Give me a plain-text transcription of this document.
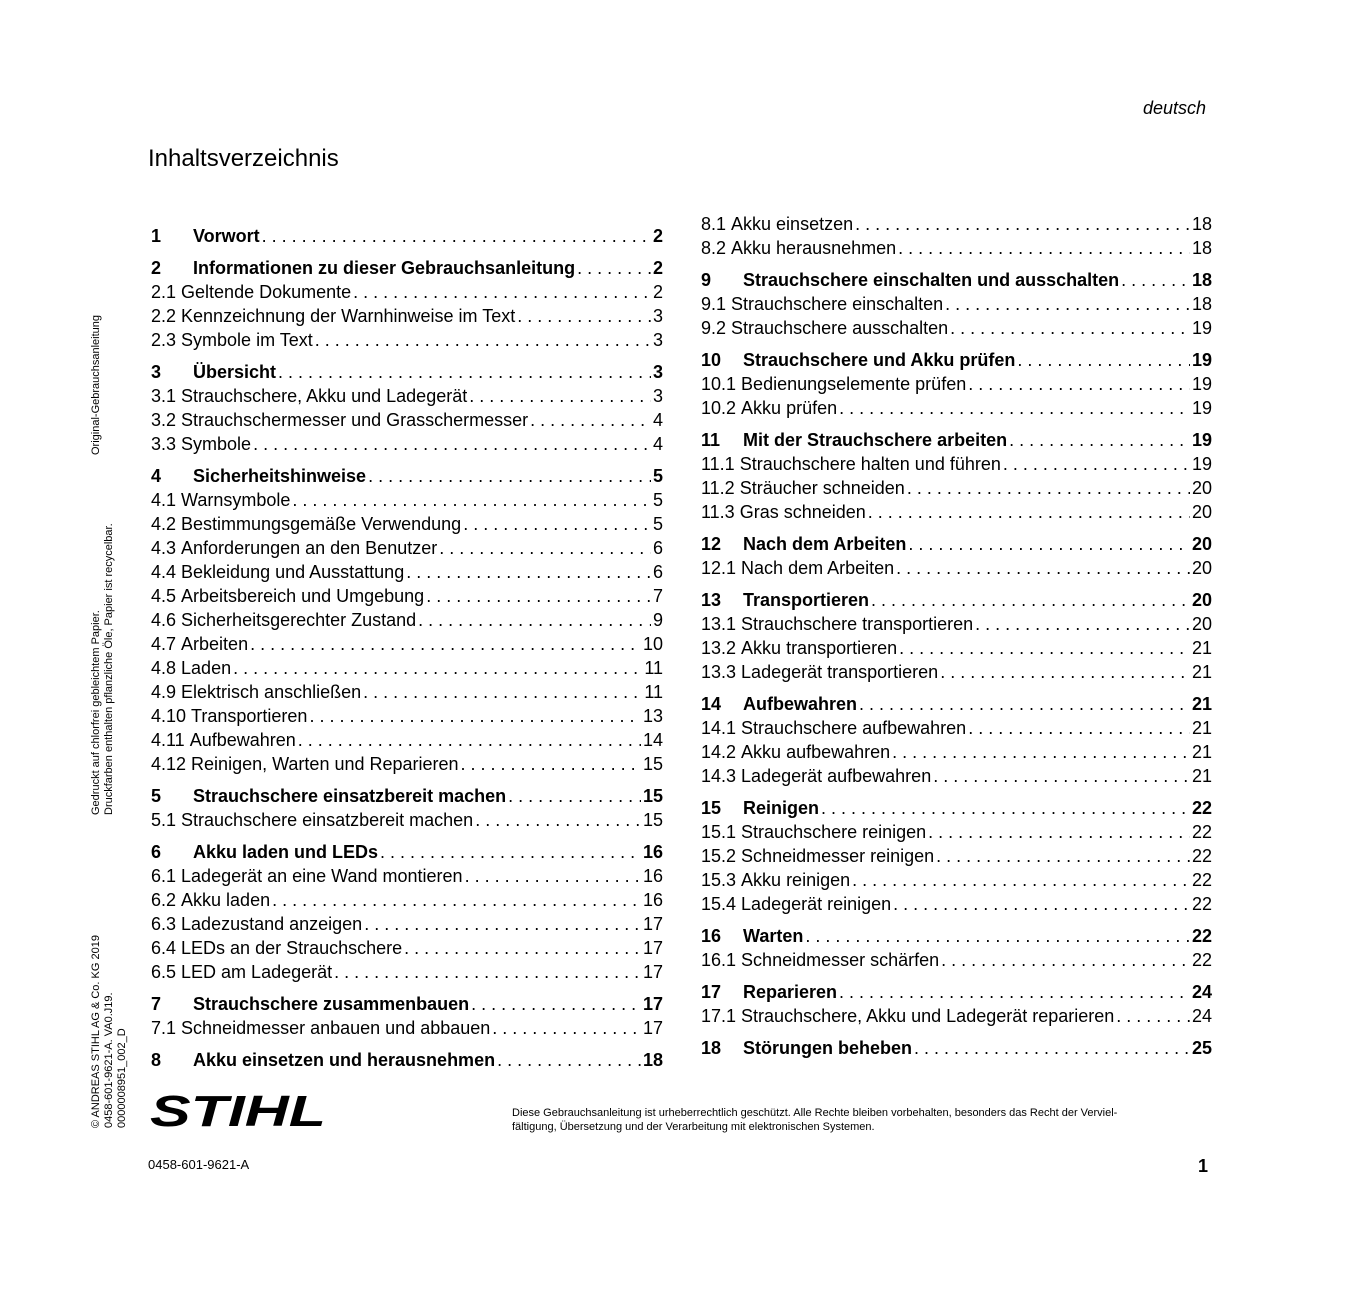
deutsch
Inhaltsverzeichnis
1	Vorwort . . .	2
2	Informationen zu dieser Gebrauchsanleitung . . .	2
2.1 Geltende Dokumente . . .	2
2.2 Kennzeichnung der Warnhinweise im Text . . .	3
2.3 Symbole im Text . . .	3
3	Übersicht . . .	3
3.1 Strauchschere, Akku und Ladegerät . . .	3
3.2 Strauchschermesser und Grasschermesser . . .	4
3.3 Symbole . . .	4
4	Sicherheitshinweise . . .	5
4.1 Warnsymbole . . .	5
4.2 Bestimmungsgemäße Verwendung . . .	5
4.3 Anforderungen an den Benutzer . . .	6
4.4 Bekleidung und Ausstattung . . .	6
4.5 Arbeitsbereich und Umgebung . . .	7
4.6 Sicherheitsgerechter Zustand . . .	9
4.7 Arbeiten . . .	10
4.8 Laden . . .	11
4.9 Elektrisch anschließen . . .	11
4.10 Transportieren . . .	13
4.11 Aufbewahren . . .	14
4.12 Reinigen, Warten und Reparieren . . .	15
5	Strauchschere einsatzbereit machen . . .	15
5.1 Strauchschere einsatzbereit machen . . .	15
6	Akku laden und LEDs . . .	16
6.1 Ladegerät an eine Wand montieren . . .	16
6.2 Akku laden . . .	16
6.3 Ladezustand anzeigen . . .	17
6.4 LEDs an der Strauchschere . . .	17
6.5 LED am Ladegerät . . .	17
7	Strauchschere zusammenbauen . . .	17
7.1 Schneidmesser anbauen und abbauen . . .	17
8	Akku einsetzen und herausnehmen . . .	18
8.1 Akku einsetzen . . .	18
8.2 Akku herausnehmen . . .	18
9	Strauchschere einschalten und ausschalten . . .	18
9.1 Strauchschere einschalten . . .	18
9.2 Strauchschere ausschalten . . .	19
10	Strauchschere und Akku prüfen . . .	19
10.1 Bedienungselemente prüfen . . .	19
10.2 Akku prüfen . . .	19
11	Mit der Strauchschere arbeiten . . .	19
11.1 Strauchschere halten und führen . . .	19
11.2 Sträucher schneiden . . .	20
11.3 Gras schneiden . . .	20
12	Nach dem Arbeiten . . .	20
12.1 Nach dem Arbeiten . . .	20
13	Transportieren . . .	20
13.1 Strauchschere transportieren . . .	20
13.2 Akku transportieren . . .	21
13.3 Ladegerät transportieren . . .	21
14	Aufbewahren . . .	21
14.1 Strauchschere aufbewahren . . .	21
14.2 Akku aufbewahren . . .	21
14.3 Ladegerät aufbewahren . . .	21
15	Reinigen . . .	22
15.1 Strauchschere reinigen . . .	22
15.2 Schneidmesser reinigen . . .	22
15.3 Akku reinigen . . .	22
15.4 Ladegerät reinigen . . .	22
16	Warten . . .	22
16.1 Schneidmesser schärfen . . .	22
17	Reparieren . . .	24
17.1 Strauchschere, Akku und Ladegerät reparieren . . .	24
18	Störungen beheben . . .	25
Original-Gebrauchsanleitung
Gedruckt auf chlorfrei gebleichtem Papier. Druckfarben enthalten pflanzliche Öle, Papier ist recycelbar.
© ANDREAS STIHL AG & Co. KG 2019 0458-601-9621-A. VA0.J19. 0000008951_002_D STIHL	Diese Gebrauchsanleitung ist urheberrechtlich geschützt. Alle Rechte bleiben vorbehalten, besonders das Recht der Verviel-
fältigung, Übersetzung und der Verarbeitung mit elektronischen Systemen.
0458-601-9621-A	1
